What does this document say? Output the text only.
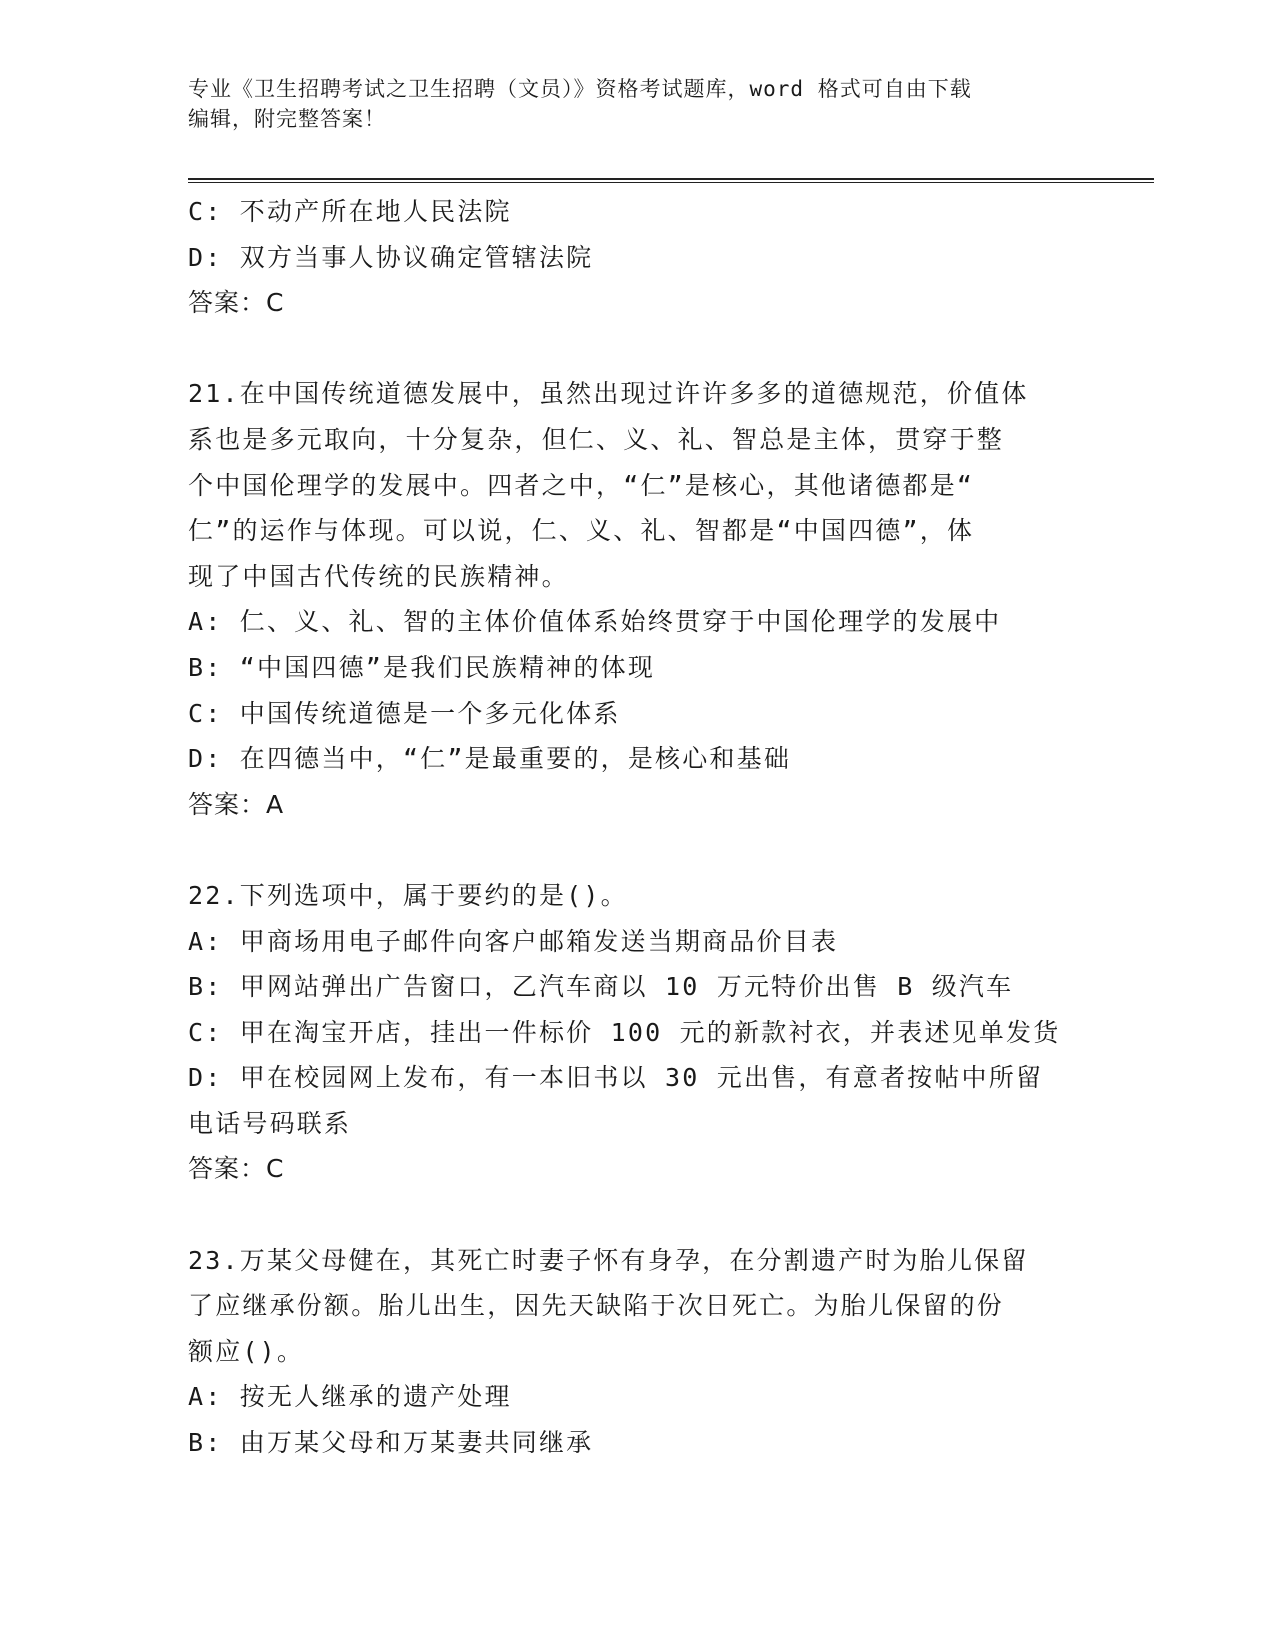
专业《卫生招聘考试之卫生招聘（文员）》资格考试题库，word 格式可自由下载
编辑，附完整答案！
C: 不动产所在地人民法院
D: 双方当事人协议确定管辖法院
答案：C
21.在中国传统道德发展中，虽然出现过许许多多的道德规范，价值体
系也是多元取向，十分复杂，但仁、义、礼、智总是主体，贯穿于整
个中国伦理学的发展中。四者之中，“仁”是核心，其他诸德都是“
仁”的运作与体现。可以说，仁、义、礼、智都是“中国四德”，体
现了中国古代传统的民族精神。
A: 仁、义、礼、智的主体价值体系始终贯穿于中国伦理学的发展中
B: “中国四德”是我们民族精神的体现
C: 中国传统道德是一个多元化体系
D: 在四德当中，“仁”是最重要的，是核心和基础
答案：A
22.下列选项中，属于要约的是()。
A: 甲商场用电子邮件向客户邮箱发送当期商品价目表
B: 甲网站弹出广告窗口，乙汽车商以 10 万元特价出售 B 级汽车
C: 甲在淘宝开店，挂出一件标价 100 元的新款衬衣，并表述见单发货
D: 甲在校园网上发布，有一本旧书以 30 元出售，有意者按帖中所留
电话号码联系
答案：C
23.万某父母健在，其死亡时妻子怀有身孕，在分割遗产时为胎儿保留
了应继承份额。胎儿出生，因先天缺陷于次日死亡。为胎儿保留的份
额应()。
A: 按无人继承的遗产处理
B: 由万某父母和万某妻共同继承
